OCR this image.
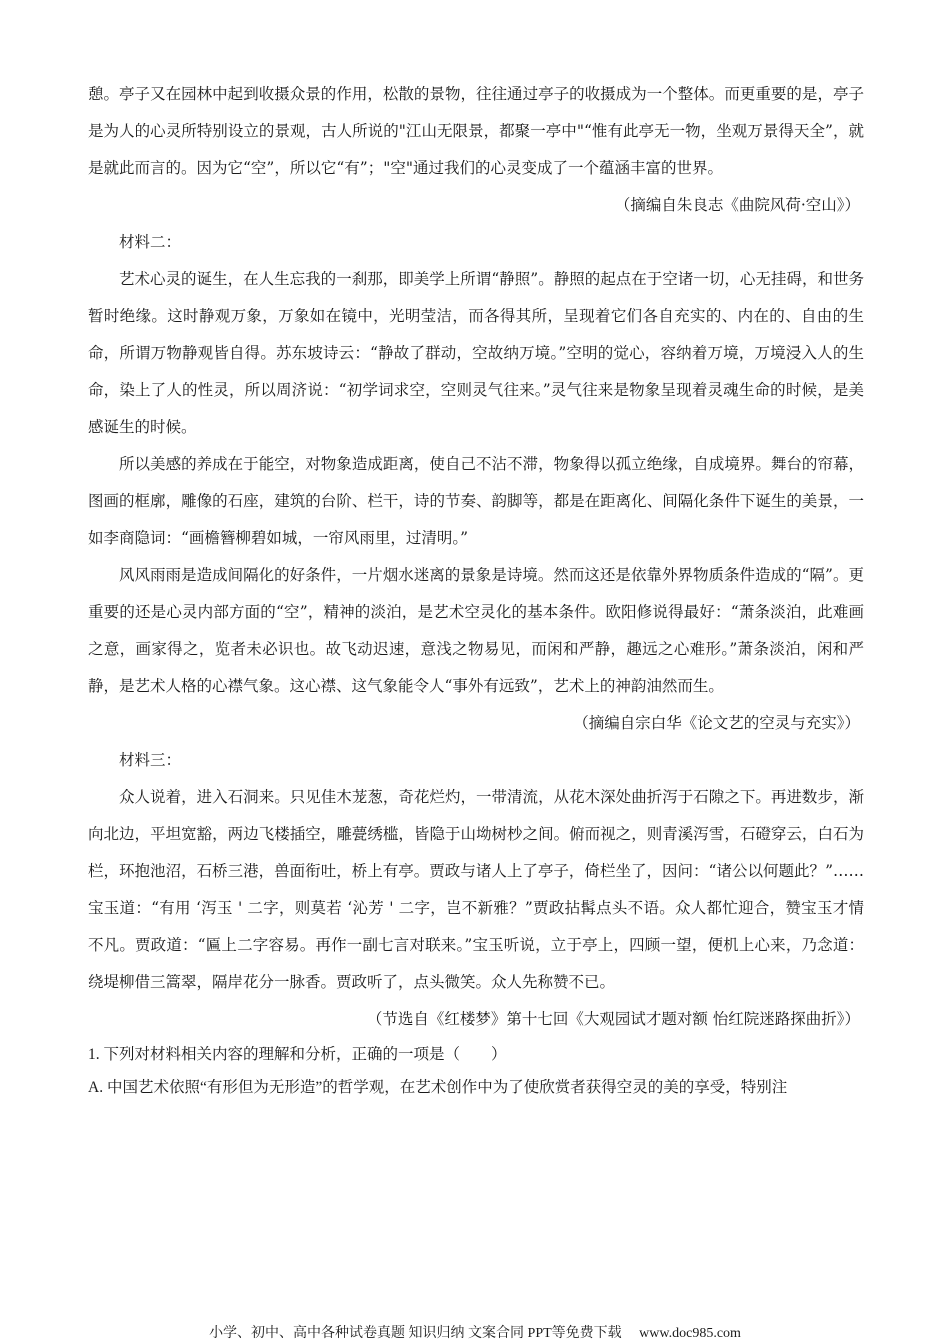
憩。亭子又在园林中起到收摄众景的作用，松散的景物，往往通过亭子的收摄成为一个整体。而更重要的是，亭子是为人的心灵所特别设立的景观，古人所说的"江山无限景，都聚一亭中"“惟有此亭无一物，坐观万景得天全”，就是就此而言的。因为它“空”，所以它“有”；"空"通过我们的心灵变成了一个蕴涵丰富的世界。

（摘编自朱良志《曲院风荷·空山》）

材料二：

艺术心灵的诞生，在人生忘我的一刹那，即美学上所谓“静照”。静照的起点在于空诸一切，心无挂碍，和世务暂时绝缘。这时静观万象，万象如在镜中，光明莹洁，而各得其所，呈现着它们各自充实的、内在的、自由的生命，所谓万物静观皆自得。苏东坡诗云：“静故了群动，空故纳万境。”空明的觉心，容纳着万境，万境浸入人的生命，染上了人的性灵，所以周济说：“初学词求空，空则灵气往来。”灵气往来是物象呈现着灵魂生命的时候，是美感诞生的时候。

所以美感的养成在于能空，对物象造成距离，使自己不沾不滞，物象得以孤立绝缘，自成境界。舞台的帘幕，图画的框廓，雕像的石座，建筑的台阶、栏干，诗的节奏、韵脚等，都是在距离化、间隔化条件下诞生的美景，一如李商隐词：“画檐簪柳碧如城，一帘风雨里，过清明。”

风风雨雨是造成间隔化的好条件，一片烟水迷离的景象是诗境。然而这还是依靠外界物质条件造成的“隔”。更重要的还是心灵内部方面的“空”，精神的淡泊，是艺术空灵化的基本条件。欧阳修说得最好：“萧条淡泊，此难画之意，画家得之，览者未必识也。故飞动迟速，意浅之物易见，而闲和严静，趣远之心难形。”萧条淡泊，闲和严静，是艺术人格的心襟气象。这心襟、这气象能令人“事外有远致”，艺术上的神韵油然而生。

（摘编自宗白华《论文艺的空灵与充实》）

材料三：

众人说着，进入石洞来。只见佳木茏葱，奇花烂灼，一带清流，从花木深处曲折泻于石隙之下。再进数步，渐向北边，平坦宽豁，两边飞楼插空，雕甍绣槛，皆隐于山坳树杪之间。俯而视之，则青溪泻雪，石磴穿云，白石为栏，环抱池沼，石桥三港，兽面衔吐，桥上有亭。贾政与诸人上了亭子，倚栏坐了，因问：“诸公以何题此？”……宝玉道：“有用 ‘泻玉 ' 二字，则莫若 ‘沁芳 ' 二字，岂不新雅？”贾政拈髯点头不语。众人都忙迎合，赞宝玉才情不凡。贾政道：“匾上二字容易。再作一副七言对联来。”宝玉听说，立于亭上，四顾一望，便机上心来，乃念道：绕堤柳借三篙翠，隔岸花分一脉香。贾政听了，点头微笑。众人先称赞不已。

（节选自《红楼梦》第十七回《大观园试才题对额 怡红院迷路探曲折》）

1. 下列对材料相关内容的理解和分析，正确的一项是（　　）

A. 中国艺术依照“有形但为无形造”的哲学观，在艺术创作中为了使欣赏者获得空灵的美的享受，特别注

小学、初中、高中各种试卷真题 知识归纳 文案合同 PPT等免费下载　 www.doc985.com
